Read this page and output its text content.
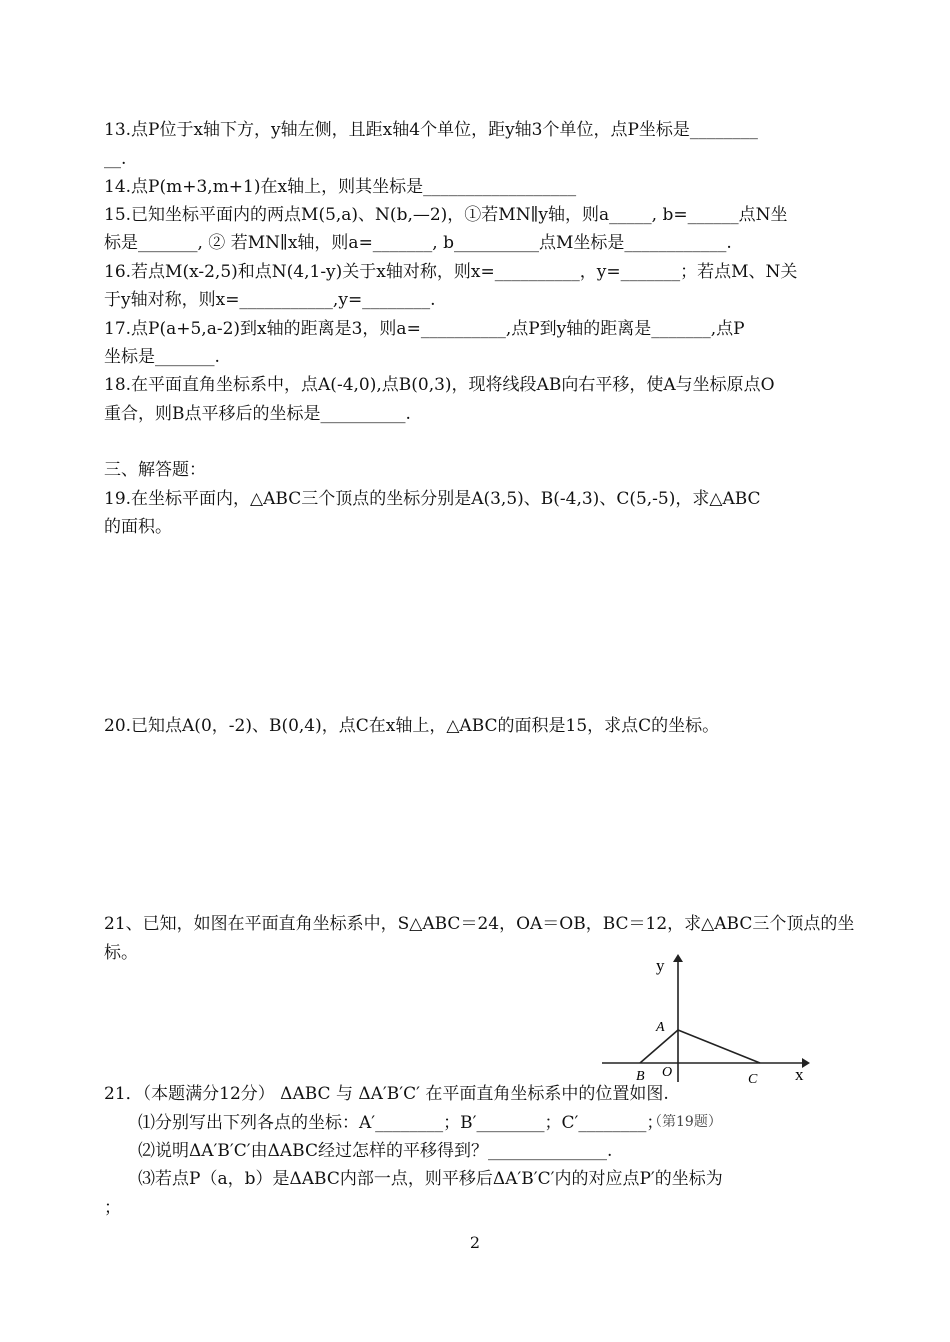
13.点P位于x轴下方，y轴左侧，且距x轴4个单位，距y轴3个单位，点P坐标是________
__.
14.点P(m+3,m+1)在x轴上，则其坐标是__________________
15.已知坐标平面内的两点M(5,a)、N(b,—2)，①若MN∥y轴，则a_____, b=______点N坐
标是_______, ② 若MN∥x轴，则a=_______, b__________点M坐标是____________.
16.若点M(x-2,5)和点N(4,1-y)关于x轴对称，则x=__________，y=_______；若点M、N关
于y轴对称，则x=___________,y=________.
17.点P(a+5,a-2)到x轴的距离是3，则a=__________,点P到y轴的距离是_______,点P
坐标是_______.
18.在平面直角坐标系中，点A(-4,0),点B(0,3)，现将线段AB向右平移，使A与坐标原点O
重合，则B点平移后的坐标是__________.
三、解答题：
19.在坐标平面内，△ABC三个顶点的坐标分别是A(3,5)、B(-4,3)、C(5,-5)，求△ABC
的面积。
20.已知点A(0，-2)、B(0,4)，点C在x轴上，△ABC的面积是15，求点C的坐标。
21、已知，如图在平面直角坐标系中，S△ABC＝24，OA＝OB，BC＝12，求△ABC三个顶点的坐
标。
y
x
A
B O	C
21．（本题满分12分） ΔABC 与 ΔA′B′C′ 在平面直角坐标系中的位置如图.
⑴分别写出下列各点的坐标：A′________；B′________；C′________；
（第19题）
⑵说明ΔA′B′C′由ΔABC经过怎样的平移得到？______________.
⑶若点P（a，b）是ΔABC内部一点，则平移后ΔA′B′C′内的对应点P′的坐标为
；
2
